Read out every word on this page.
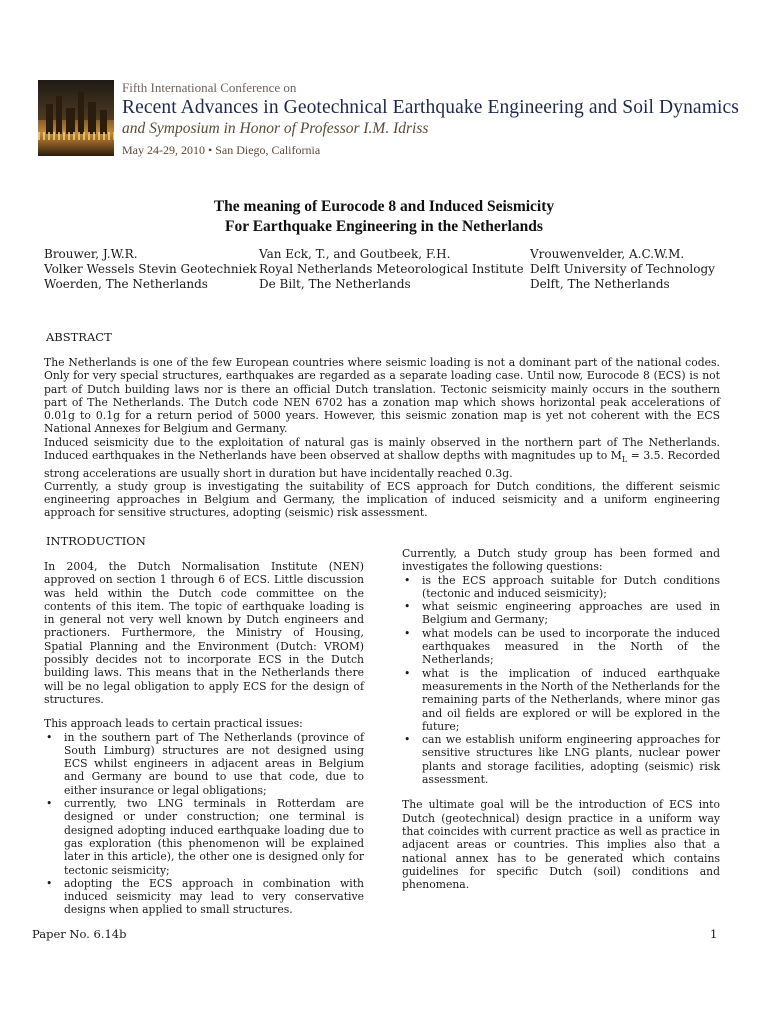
Fifth International Conference on
Recent Advances in Geotechnical Earthquake Engineering and Soil Dynamics
and Symposium in Honor of Professor I.M. Idriss
May 24-29, 2010 • San Diego, California
The meaning of Eurocode 8 and Induced Seismicity
For Earthquake Engineering in the Netherlands
Brouwer, J.W.R.
Volker Wessels Stevin Geotechniek
Woerden, The Netherlands
Van Eck, T., and Goutbeek, F.H.
Royal Netherlands Meteorological Institute
De Bilt, The Netherlands
Vrouwenvelder, A.C.W.M.
Delft University of Technology
Delft, The Netherlands
ABSTRACT
The Netherlands is one of the few European countries where seismic loading is not a dominant part of the national codes. Only for very special structures, earthquakes are regarded as a separate loading case. Until now, Eurocode 8 (ECS) is not part of Dutch building laws nor is there an official Dutch translation. Tectonic seismicity mainly occurs in the southern part of The Netherlands. The Dutch code NEN 6702 has a zonation map which shows horizontal peak accelerations of 0.01g to 0.1g for a return period of 5000 years. However, this seismic zonation map is yet not coherent with the ECS National Annexes for Belgium and Germany.
Induced seismicity due to the exploitation of natural gas is mainly observed in the northern part of The Netherlands. Induced earthquakes in the Netherlands have been observed at shallow depths with magnitudes up to $M_L = 3.5$. Recorded strong accelerations are usually short in duration but have incidentally reached 0.3g.
Currently, a study group is investigating the suitability of ECS approach for Dutch conditions, the different seismic engineering approaches in Belgium and Germany, the implication of induced seismicity and a uniform engineering approach for sensitive structures, adopting (seismic) risk assessment.
INTRODUCTION
In 2004, the Dutch Normalisation Institute (NEN) approved on section 1 through 6 of ECS. Little discussion was held within the Dutch code committee on the contents of this item. The topic of earthquake loading is in general not very well known by Dutch engineers and practioners. Furthermore, the Ministry of Housing, Spatial Planning and the Environment (Dutch: VROM) possibly decides not to incorporate ECS in the Dutch building laws. This means that in the Netherlands there will be no legal obligation to apply ECS for the design of structures.
This approach leads to certain practical issues:
• in the southern part of The Netherlands (province of South Limburg) structures are not designed using ECS whilst engineers in adjacent areas in Belgium and Germany are bound to use that code, due to either insurance or legal obligations;
• currently, two LNG terminals in Rotterdam are designed or under construction; one terminal is designed adopting induced earthquake loading due to gas exploration (this phenomenon will be explained later in this article), the other one is designed only for tectonic seismicity;
• adopting the ECS approach in combination with induced seismicity may lead to very conservative designs when applied to small structures.
Currently, a Dutch study group has been formed and investigates the following questions:
• is the ECS approach suitable for Dutch conditions (tectonic and induced seismicity);
• what seismic engineering approaches are used in Belgium and Germany;
• what models can be used to incorporate the induced earthquakes measured in the North of the Netherlands;
• what is the implication of induced earthquake measurements in the North of the Netherlands for the remaining parts of the Netherlands, where minor gas and oil fields are explored or will be explored in the future;
• can we establish uniform engineering approaches for sensitive structures like LNG plants, nuclear power plants and storage facilities, adopting (seismic) risk assessment.
The ultimate goal will be the introduction of ECS into Dutch (geotechnical) design practice in a uniform way that coincides with current practice as well as practice in adjacent areas or countries. This implies also that a national annex has to be generated which contains guidelines for specific Dutch (soil) conditions and phenomena.
Paper No. 6.14b	1
